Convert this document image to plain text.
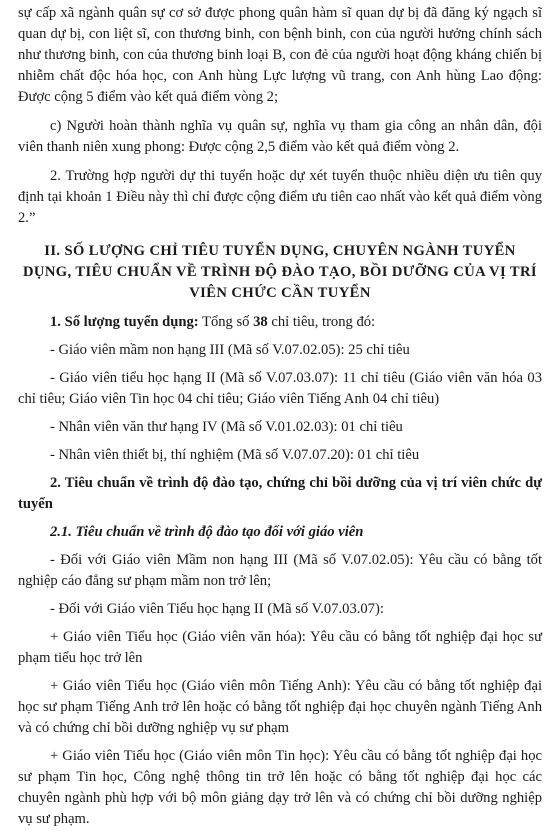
sự cấp xã ngành quân sự cơ sở được phong quân hàm sĩ quan dự bị đã đăng ký ngạch sĩ quan dự bị, con liệt sĩ, con thương binh, con bệnh binh, con của người hưởng chính sách như thương binh, con của thương binh loại B, con đẻ của người hoạt động kháng chiến bị nhiễm chất độc hóa học, con Anh hùng Lực lượng vũ trang, con Anh hùng Lao động: Được cộng 5 điểm vào kết quả điểm vòng 2;

c) Người hoàn thành nghĩa vụ quân sự, nghĩa vụ tham gia công an nhân dân, đội viên thanh niên xung phong: Được cộng 2,5 điểm vào kết quả điểm vòng 2.

2. Trường hợp người dự thi tuyển hoặc dự xét tuyển thuộc nhiều diện ưu tiên quy định tại khoản 1 Điều này thì chỉ được cộng điểm ưu tiên cao nhất vào kết quả điểm vòng 2.”

II. SỐ LƯỢNG CHỈ TIÊU TUYỂN DỤNG, CHUYÊN NGÀNH TUYỂN DỤNG, TIÊU CHUẨN VỀ TRÌNH ĐỘ ĐÀO TẠO, BỒI DƯỠNG CỦA VỊ TRÍ VIÊN CHỨC CẦN TUYỂN

1. Số lượng tuyển dụng: Tổng số 38 chỉ tiêu, trong đó:

- Giáo viên mầm non hạng III (Mã số V.07.02.05): 25 chỉ tiêu

- Giáo viên tiểu học hạng II (Mã số V.07.03.07): 11 chỉ tiêu (Giáo viên văn hóa 03 chỉ tiêu; Giáo viên Tin học 04 chỉ tiêu; Giáo viên Tiếng Anh 04 chỉ tiêu)

- Nhân viên văn thư hạng IV (Mã số V.01.02.03): 01 chỉ tiêu

- Nhân viên thiết bị, thí nghiệm (Mã số V.07.07.20): 01 chỉ tiêu

2. Tiêu chuẩn về trình độ đào tạo, chứng chỉ bồi dưỡng của vị trí viên chức dự tuyển

2.1. Tiêu chuẩn về trình độ đào tạo đối với giáo viên

- Đối với Giáo viên Mầm non hạng III (Mã số V.07.02.05): Yêu cầu có bằng tốt nghiệp cáo đẳng sư phạm mầm non trở lên;

- Đối với Giáo viên Tiểu học hạng II (Mã số V.07.03.07):

+ Giáo viên Tiểu học (Giáo viên văn hóa): Yêu cầu có bằng tốt nghiệp đại học sư phạm tiểu học trở lên

+ Giáo viên Tiểu học (Giáo viên môn Tiếng Anh): Yêu cầu có bằng tốt nghiệp đại học sư phạm Tiếng Anh trở lên hoặc có bằng tốt nghiệp đại học chuyên ngành Tiếng Anh và có chứng chỉ bồi dưỡng nghiệp vụ sư phạm

+ Giáo viên Tiểu học (Giáo viên môn Tin học): Yêu cầu có bằng tốt nghiệp đại học sư phạm Tin học, Công nghệ thông tin trở lên hoặc có bằng tốt nghiệp đại học các chuyên ngành phù hợp với bộ môn giảng dạy trở lên và có chứng chỉ bồi dưỡng nghiệp vụ sư phạm.
